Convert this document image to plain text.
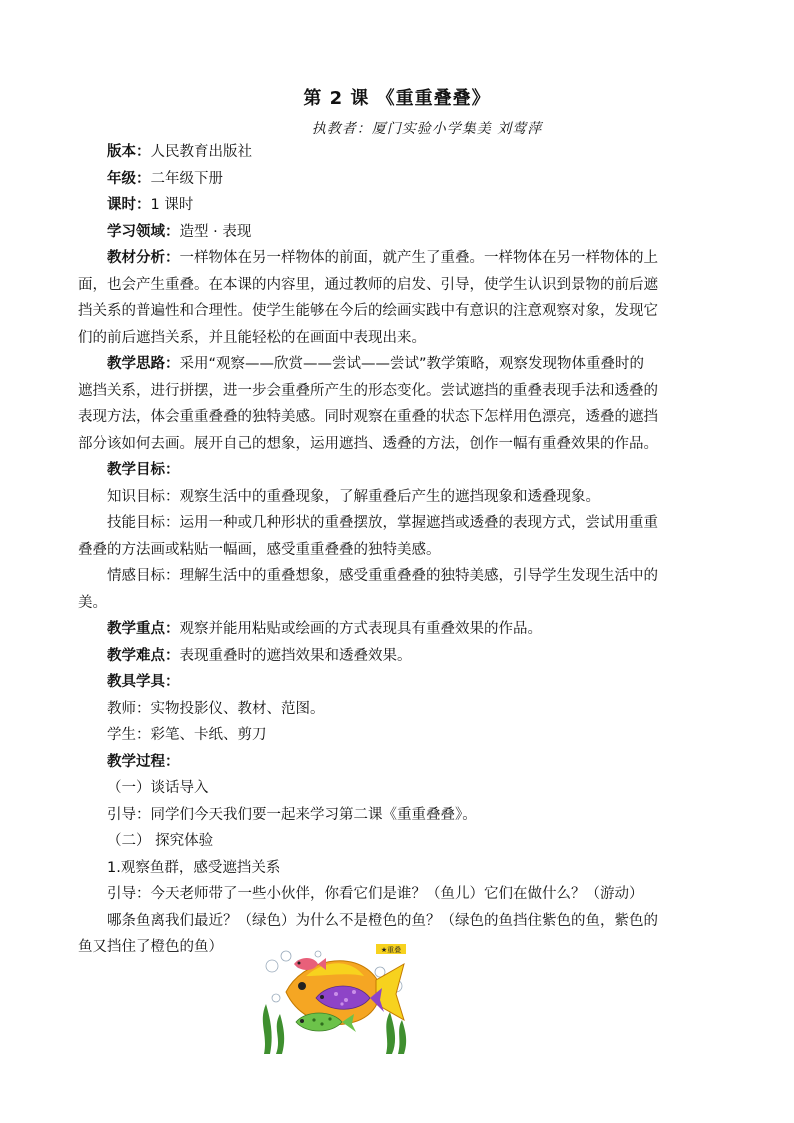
第 2 课 《重重叠叠》
执教者：厦门实验小学集美 刘莺萍
版本：人民教育出版社
年级：二年级下册
课时：1 课时
学习领域：造型 · 表现
教材分析：一样物体在另一样物体的前面，就产生了重叠。一样物体在另一样物体的上
面，也会产生重叠。在本课的内容里，通过教师的启发、引导，使学生认识到景物的前后遮
挡关系的普遍性和合理性。使学生能够在今后的绘画实践中有意识的注意观察对象，发现它
们的前后遮挡关系，并且能轻松的在画面中表现出来。
教学思路：采用“观察——欣赏——尝试——尝试”教学策略，观察发现物体重叠时的
遮挡关系，进行拼摆，进一步会重叠所产生的形态变化。尝试遮挡的重叠表现手法和透叠的
表现方法，体会重重叠叠的独特美感。同时观察在重叠的状态下怎样用色漂亮，透叠的遮挡
部分该如何去画。展开自己的想象，运用遮挡、透叠的方法，创作一幅有重叠效果的作品。
教学目标：
知识目标：观察生活中的重叠现象，了解重叠后产生的遮挡现象和透叠现象。
技能目标：运用一种或几种形状的重叠摆放，掌握遮挡或透叠的表现方式，尝试用重重
叠叠的方法画或粘贴一幅画，感受重重叠叠的独特美感。
情感目标：理解生活中的重叠想象，感受重重叠叠的独特美感，引导学生发现生活中的
美。
教学重点：观察并能用粘贴或绘画的方式表现具有重叠效果的作品。
教学难点：表现重叠时的遮挡效果和透叠效果。
教具学具：
教师：实物投影仪、教材、范图。
学生：彩笔、卡纸、剪刀
教学过程：
（一）谈话导入
引导：同学们今天我们要一起来学习第二课《重重叠叠》。
（二） 探究体验
1.观察鱼群，感受遮挡关系
引导：今天老师带了一些小伙伴，你看它们是谁？（鱼儿）它们在做什么？（游动）
哪条鱼离我们最近？（绿色）为什么不是橙色的鱼？（绿色的鱼挡住紫色的鱼，紫色的
鱼又挡住了橙色的鱼）	★重叠
